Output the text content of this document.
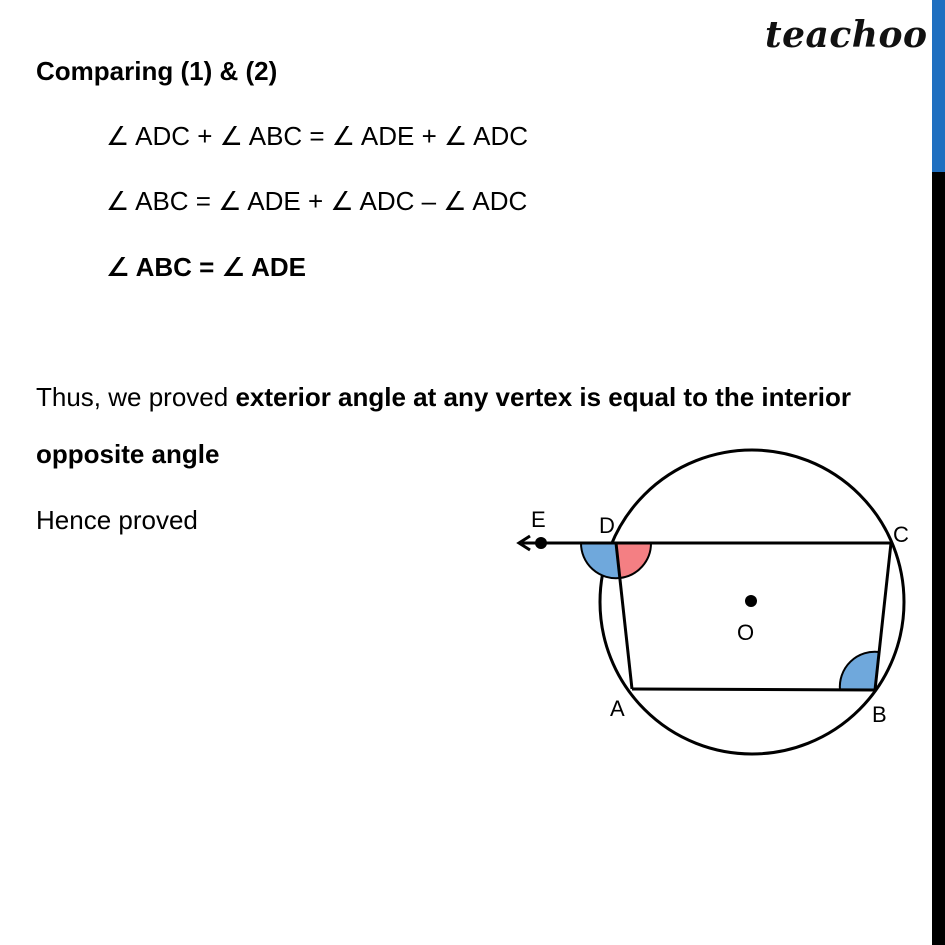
teachoo
Comparing (1) & (2)
∠ ADC + ∠ ABC = ∠ ADE + ∠ ADC
∠ ABC = ∠ ADE + ∠ ADC – ∠ ADC
∠ ABC = ∠ ADE
Thus, we proved exterior angle at any vertex is equal to the interior
opposite angle
Hence proved	E D	C
O
A	B
